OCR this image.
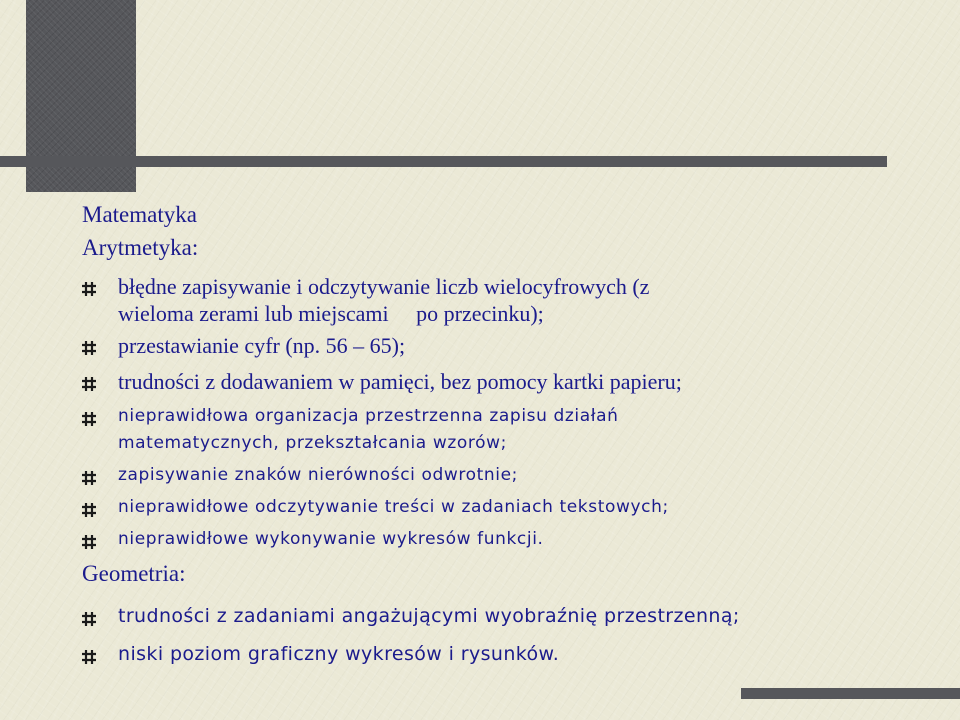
Matematyka
Arytmetyka:
błędne zapisywanie i odczytywanie liczb wielocyfrowych (z
wieloma zerami lub miejscami     po przecinku);
przestawianie cyfr (np. 56 – 65);
trudności z dodawaniem w pamięci, bez pomocy kartki papieru;
nieprawidłowa organizacja przestrzenna zapisu działań
matematycznych, przekształcania wzorów;
zapisywanie znaków nierówności odwrotnie;
nieprawidłowe odczytywanie treści w zadaniach tekstowych;
nieprawidłowe wykonywanie wykresów funkcji.
Geometria:
trudności z zadaniami angażującymi wyobraźnię przestrzenną;
niski poziom graficzny wykresów i rysunków.
